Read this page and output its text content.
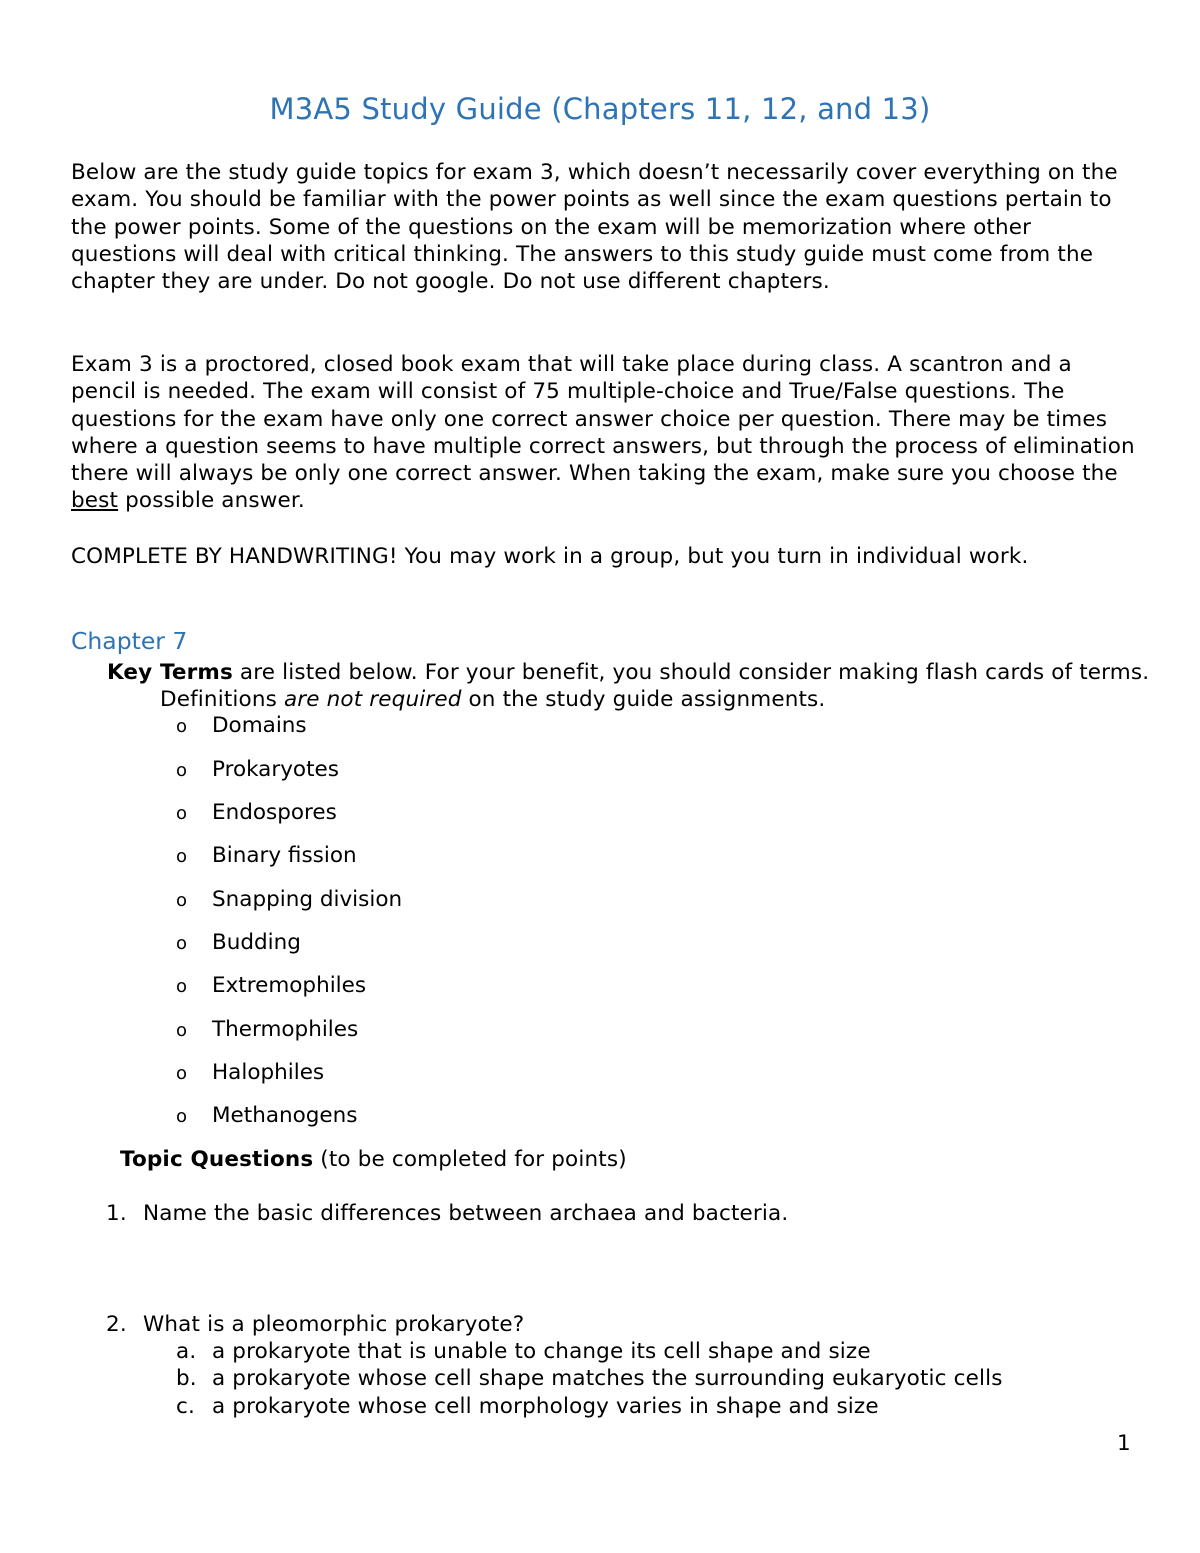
M3A5 Study Guide (Chapters 11, 12, and 13)

Below are the study guide topics for exam 3, which doesn’t necessarily cover everything on the exam. You should be familiar with the power points as well since the exam questions pertain to the power points. Some of the questions on the exam will be memorization where other questions will deal with critical thinking. The answers to this study guide must come from the chapter they are under. Do not google. Do not use different chapters.

Exam 3 is a proctored, closed book exam that will take place during class. A scantron and a pencil is needed. The exam will consist of 75 multiple-choice and True/False questions. The questions for the exam have only one correct answer choice per question. There may be times where a question seems to have multiple correct answers, but through the process of elimination there will always be only one correct answer. When taking the exam, make sure you choose the best possible answer.

COMPLETE BY HANDWRITING! You may work in a group, but you turn in individual work.

Chapter 7

Key Terms are listed below. For your benefit, you should consider making flash cards of terms. Definitions are not required on the study guide assignments.

o Domains
o Prokaryotes
o Endospores
o Binary fission
o Snapping division
o Budding
o Extremophiles
o Thermophiles
o Halophiles
o Methanogens
Topic Questions (to be completed for points)
1. Name the basic differences between archaea and bacteria.
2. What is a pleomorphic prokaryote?
a. a prokaryote that is unable to change its cell shape and size
b. a prokaryote whose cell shape matches the surrounding eukaryotic cells
c. a prokaryote whose cell morphology varies in shape and size
1
